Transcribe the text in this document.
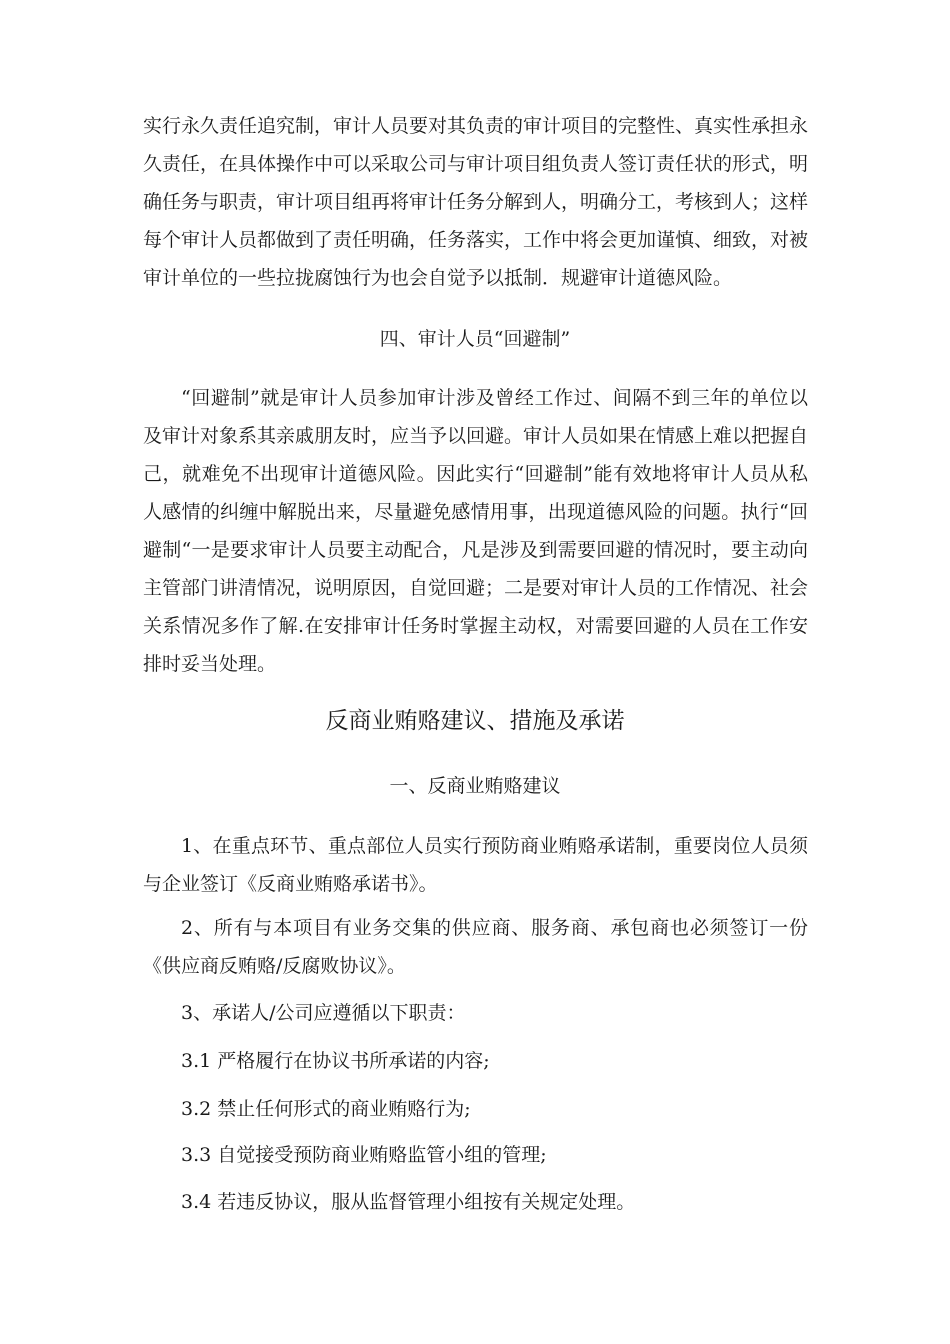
实行永久责任追究制，审计人员要对其负责的审计项目的完整性、真实性承担永久责任，在具体操作中可以采取公司与审计项目组负责人签订责任状的形式，明确任务与职责，审计项目组再将审计任务分解到人，明确分工，考核到人；这样每个审计人员都做到了责任明确，任务落实，工作中将会更加谨慎、细致，对被审计单位的一些拉拢腐蚀行为也会自觉予以抵制．规避审计道德风险。

四、审计人员“回避制”

“回避制”就是审计人员参加审计涉及曾经工作过、间隔不到三年的单位以及审计对象系其亲戚朋友时，应当予以回避。审计人员如果在情感上难以把握自己，就难免不出现审计道德风险。因此实行“回避制”能有效地将审计人员从私人感情的纠缠中解脱出来，尽量避免感情用事，出现道德风险的问题。执行“回避制“一是要求审计人员要主动配合，凡是涉及到需要回避的情况时，要主动向主管部门讲清情况，说明原因，自觉回避；二是要对审计人员的工作情况、社会关系情况多作了解.在安排审计任务时掌握主动权，对需要回避的人员在工作安排时妥当处理。

反商业贿赂建议、措施及承诺
一、反商业贿赂建议

1、在重点环节、重点部位人员实行预防商业贿赂承诺制，重要岗位人员须与企业签订《反商业贿赂承诺书》。

2、所有与本项目有业务交集的供应商、服务商、承包商也必须签订一份《供应商反贿赂/反腐败协议》。

3、承诺人/公司应遵循以下职责：

3.1 严格履行在协议书所承诺的内容;

3.2 禁止任何形式的商业贿赂行为;

3.3 自觉接受预防商业贿赂监管小组的管理;

3.4 若违反协议，服从监督管理小组按有关规定处理。
